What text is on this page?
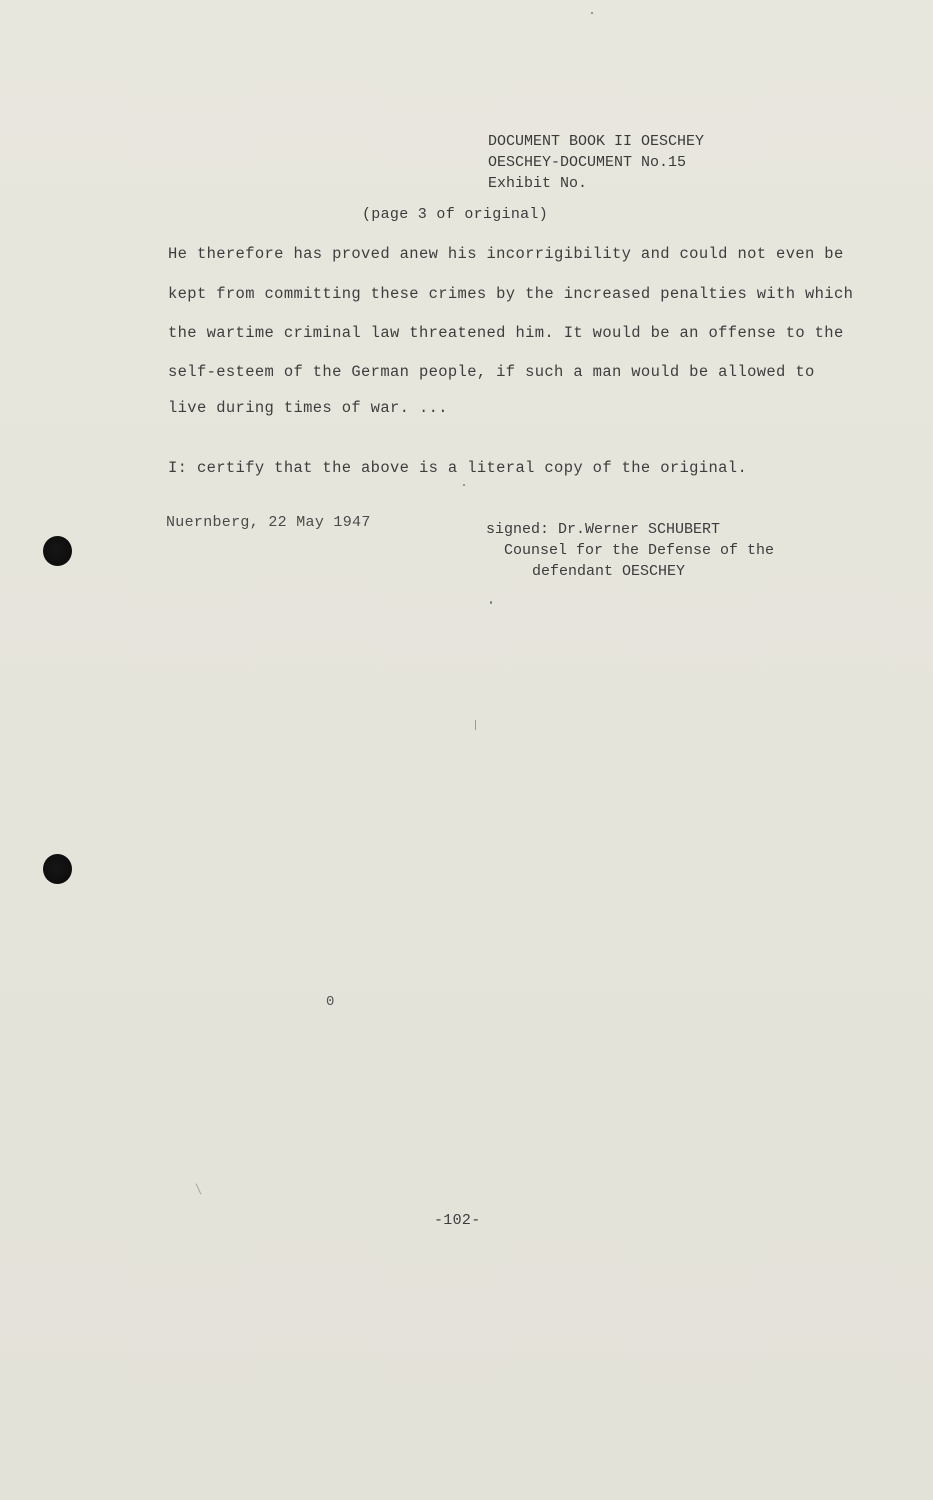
DOCUMENT BOOK II OESCHEY
OESCHEY-DOCUMENT No.15
Exhibit No.
(page 3 of original)
He therefore has proved anew his incorrigibility and could not even be
kept from committing these crimes by the increased penalties with which
the wartime criminal law threatened him. It would be an offense to the
self-esteem of the German people, if such a man would be allowed to
live during times of war. ...
I: certify that the above is a literal copy of the original.
Nuernberg, 22 May 1947	signed: Dr.Werner SCHUBERT
Counsel for the Defense of the
defendant OESCHEY
0
-102-
